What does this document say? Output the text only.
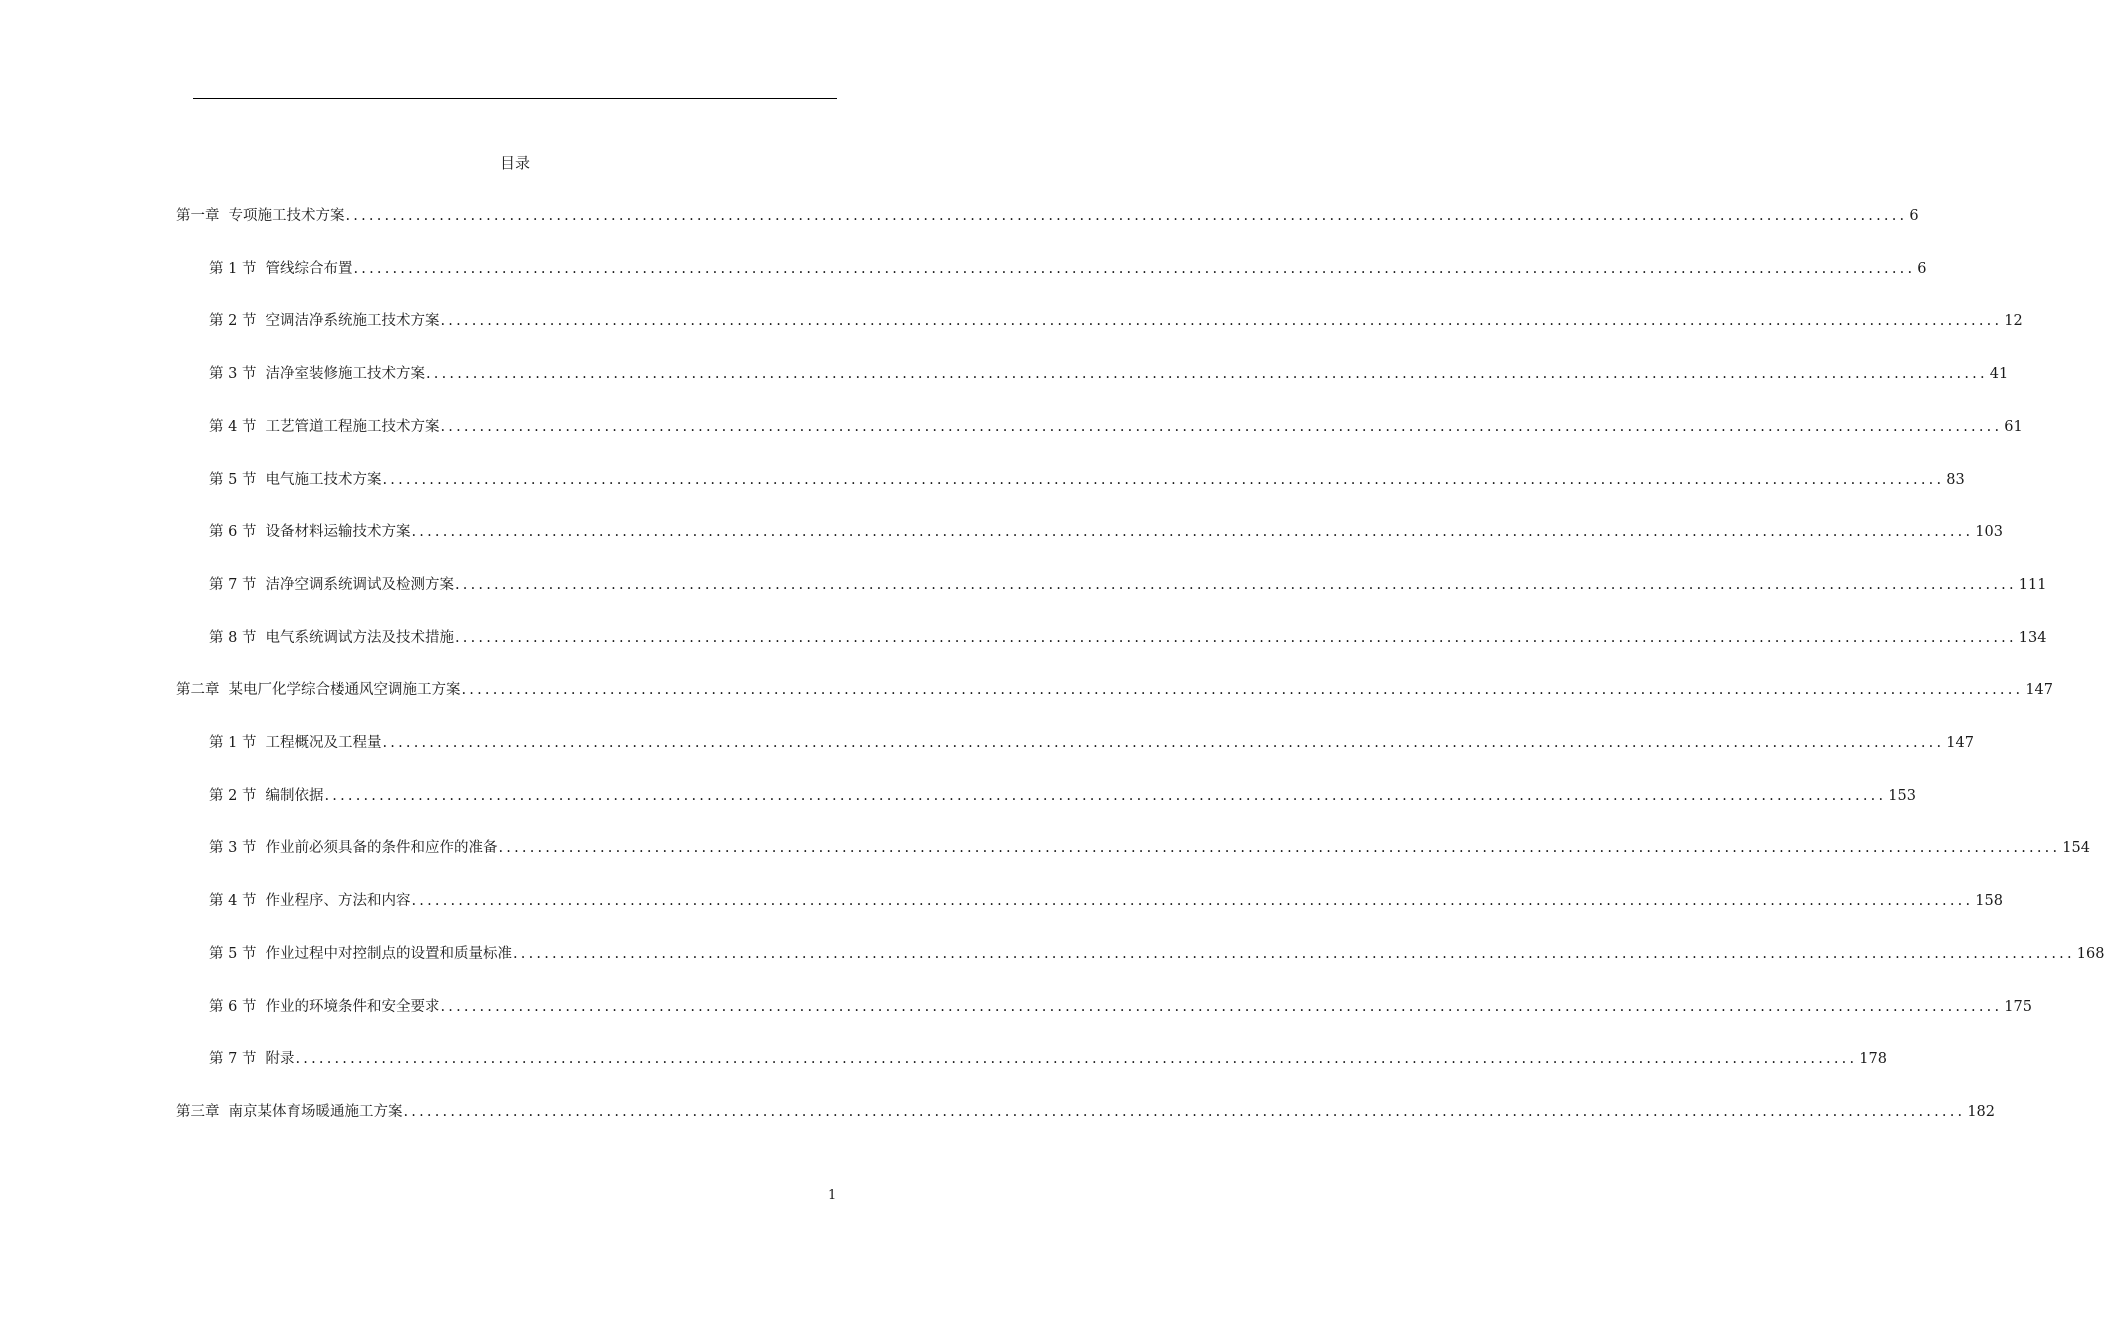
目录
第一章 专项施工技术方案 ........................................................................................................................................................................................................ 6
第 1 节 管线综合布置 ........................................................................................................................................................................................................ 6
第 2 节 空调洁净系统施工技术方案 ........................................................................................................................................................................................................ 12
第 3 节 洁净室装修施工技术方案 ........................................................................................................................................................................................................ 41
第 4 节 工艺管道工程施工技术方案 ........................................................................................................................................................................................................ 61
第 5 节 电气施工技术方案 ........................................................................................................................................................................................................ 83
第 6 节 设备材料运输技术方案 ........................................................................................................................................................................................................ 103
第 7 节 洁净空调系统调试及检测方案 ........................................................................................................................................................................................................ 111
第 8 节 电气系统调试方法及技术措施 ........................................................................................................................................................................................................ 134
第二章 某电厂化学综合楼通风空调施工方案 ........................................................................................................................................................................................................ 147
第 1 节 工程概况及工程量 ........................................................................................................................................................................................................ 147
第 2 节 编制依据 ........................................................................................................................................................................................................ 153
第 3 节 作业前必须具备的条件和应作的准备 ........................................................................................................................................................................................................ 154
第 4 节 作业程序、方法和内容 ........................................................................................................................................................................................................ 158
第 5 节 作业过程中对控制点的设置和质量标准 ........................................................................................................................................................................................................ 168
第 6 节 作业的环境条件和安全要求 ........................................................................................................................................................................................................ 175
第 7 节 附录 ........................................................................................................................................................................................................ 178
第三章 南京某体育场暖通施工方案 ........................................................................................................................................................................................................ 182
1
